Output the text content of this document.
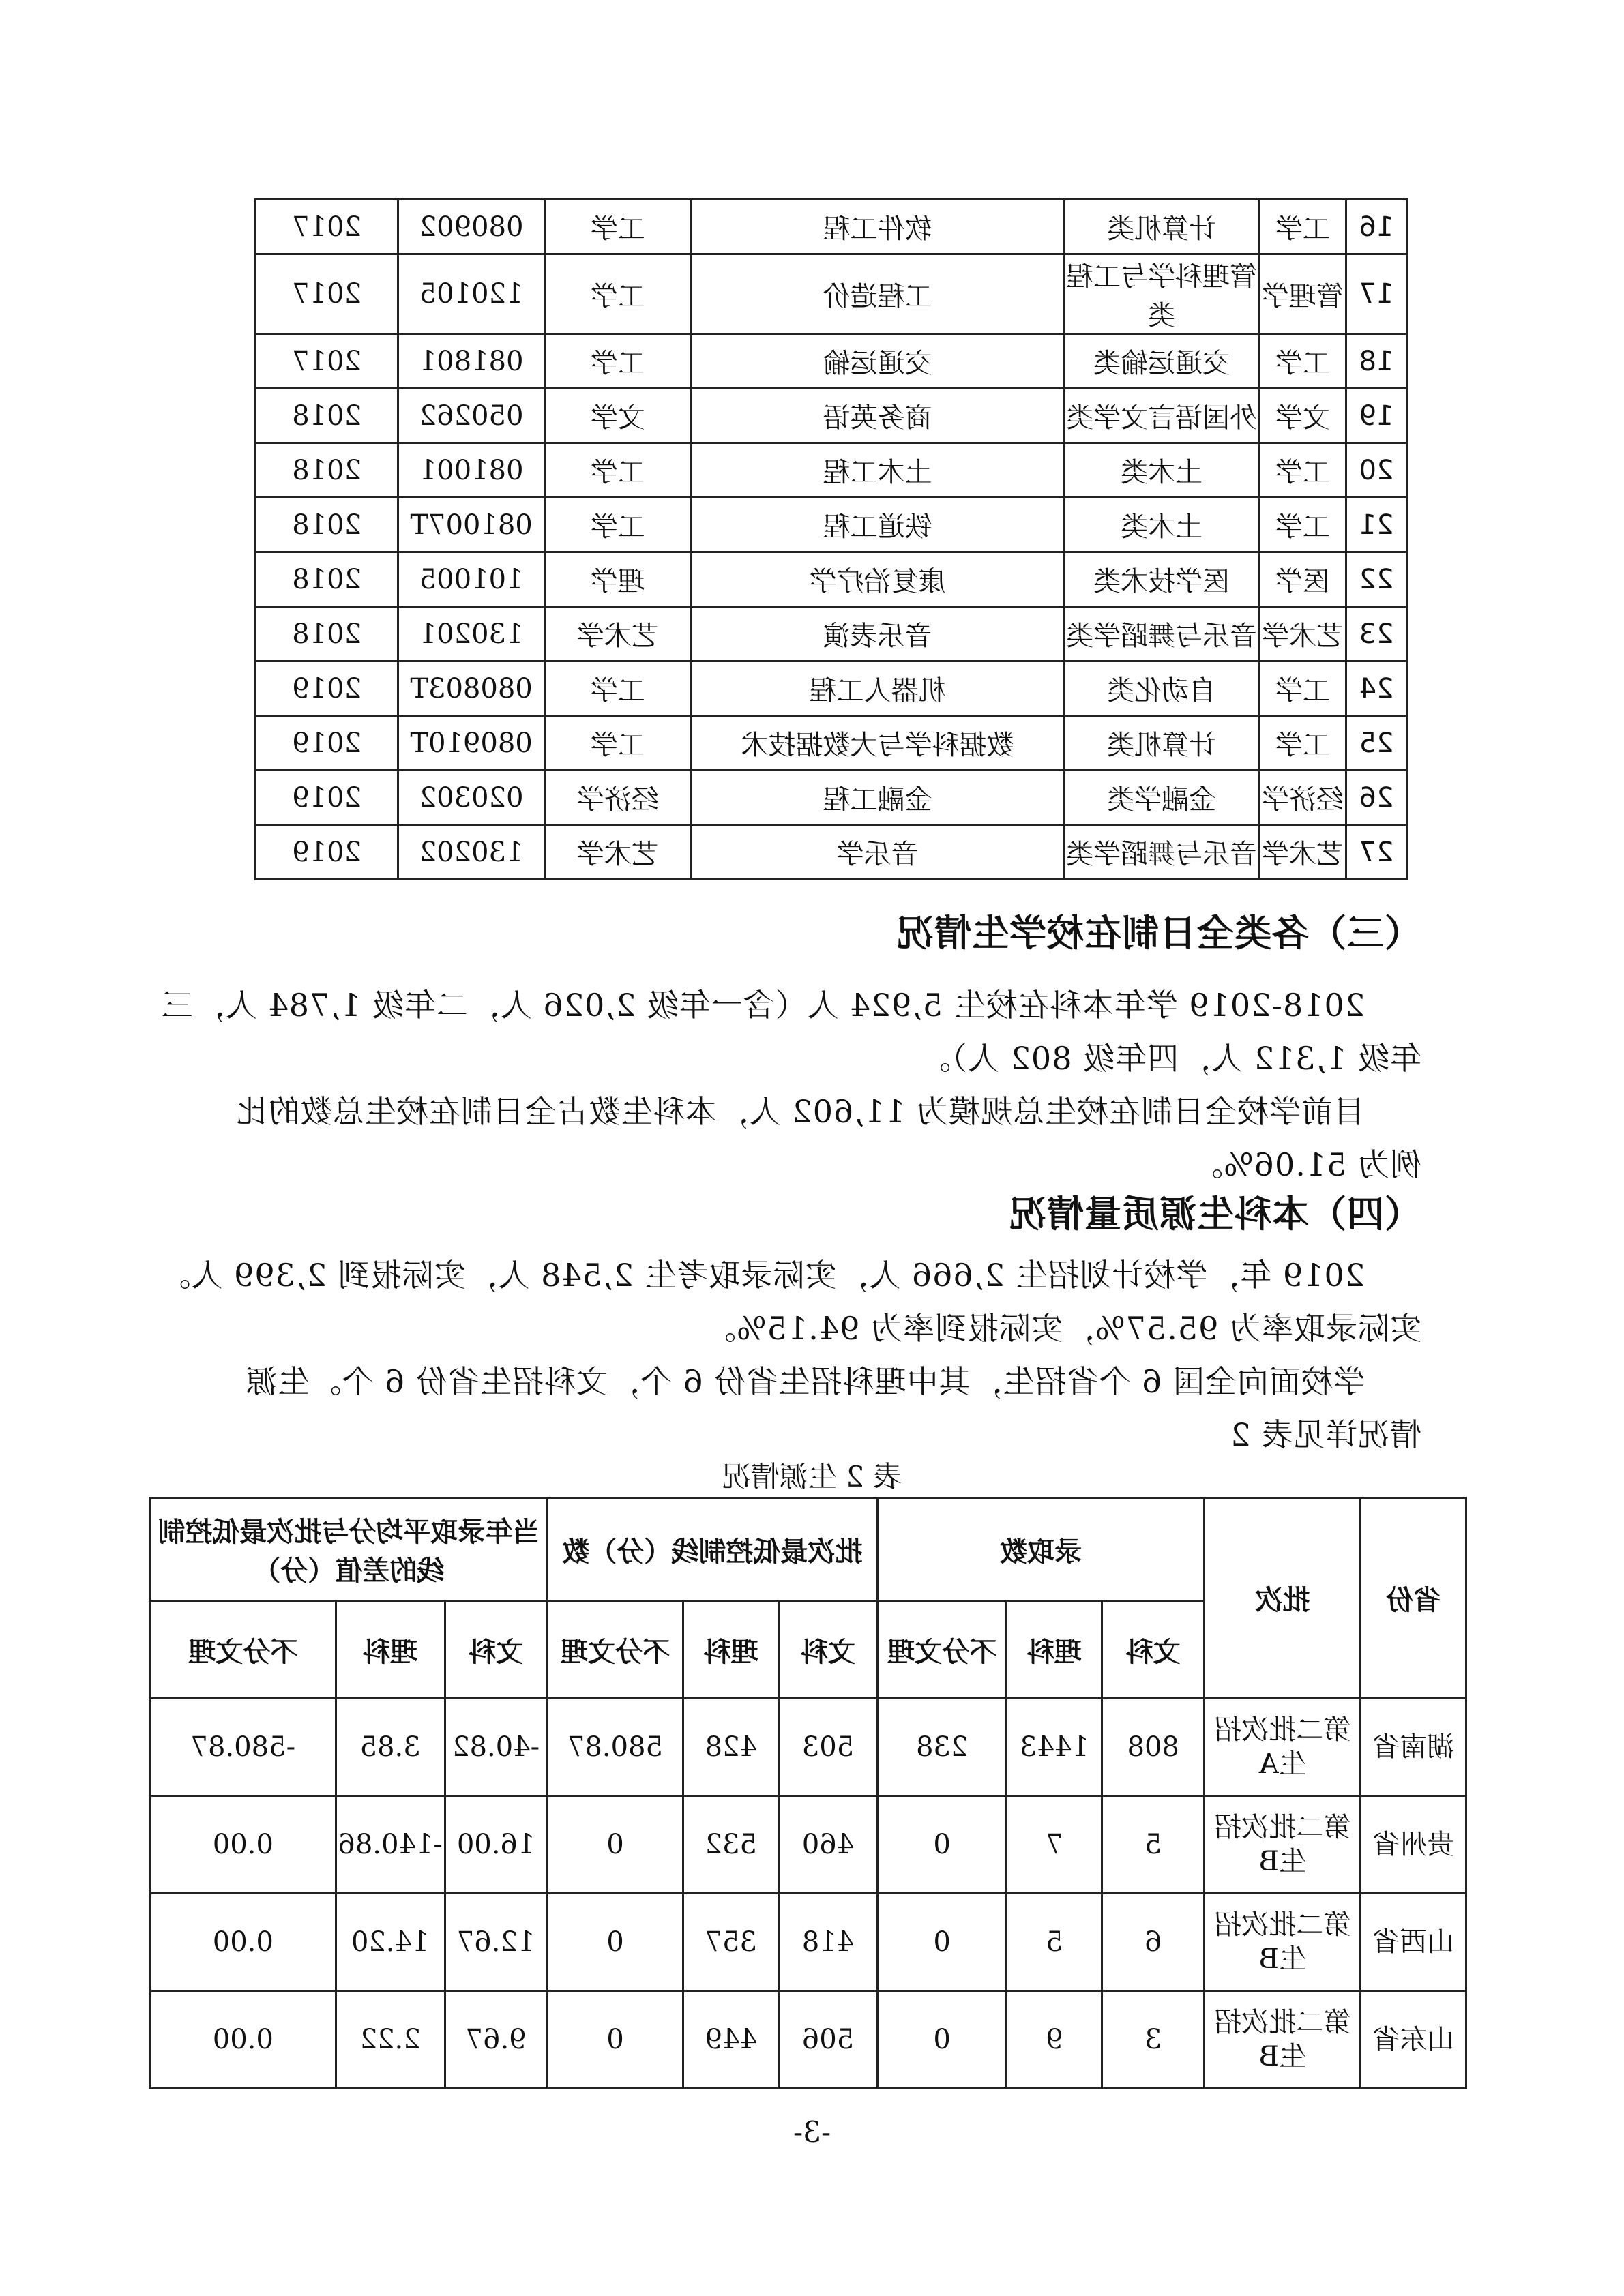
16	工学	计算机类	软件工程	工学	080902	2017
17	管理学	管理科学与工程类	工程造价	工学	120105	2017
18	工学	交通运输类	交通运输	工学	081801	2017
19	文学	外国语言文学类	商务英语	文学	050262	2018
20	工学	土木类	土木工程	工学	081001	2018
21	工学	土木类	铁道工程	工学	081007T	2018
22	医学	医学技术类	康复治疗学	理学	101005	2018
23	艺术学	音乐与舞蹈学类	音乐表演	艺术学	130201	2018
24	工学	自动化类	机器人工程	工学	080803T	2019
25	工学	计算机类	数据科学与大数据技术	工学	080910T	2019
26	经济学	金融学类	金融工程	经济学	020302	2019
27	艺术学	音乐与舞蹈学类	音乐学	艺术学	130202	2019
（三）各类全日制在校学生情况
2018-2019 学年本科在校生 5,924 人（含一年级 2,026 人，二年级 1,784 人，三
年级 1,312 人，四年级 802 人）。
目前学校全日制在校生总规模为 11,602 人，本科生数占全日制在校生总数的比
例为 51.06%。
（四）本科生源质量情况
2019 年，学校计划招生 2,666 人，实际录取考生 2,548 人，实际报到 2,399 人。
实际录取率为 95.57%，实际报到率为 94.15%。
学校面向全国 6 个省招生，其中理科招生省份 6 个，文科招生省份 6 个。生源
情况详见表 2
表 2 生源情况
省份	批次	录取数			批次最低控制线（分）数			当年录取平均分与批次最低控制线的差值（分）		
		文科	理科	不分文理	文科	理科	不分文理	文科	理科	不分文理
湖南省	第二批次招生A	808	1443	238	503	428	580.87	-40.82	3.85	-580.87
贵州省	第二批次招生B	5	7	0	460	532	0	16.00	-140.86	0.00
山西省	第二批次招生B	6	5	0	418	357	0	12.67	14.20	0.00
山东省	第二批次招生B	3	9	0	506	449	0	9.67	2.22	0.00
-3-
